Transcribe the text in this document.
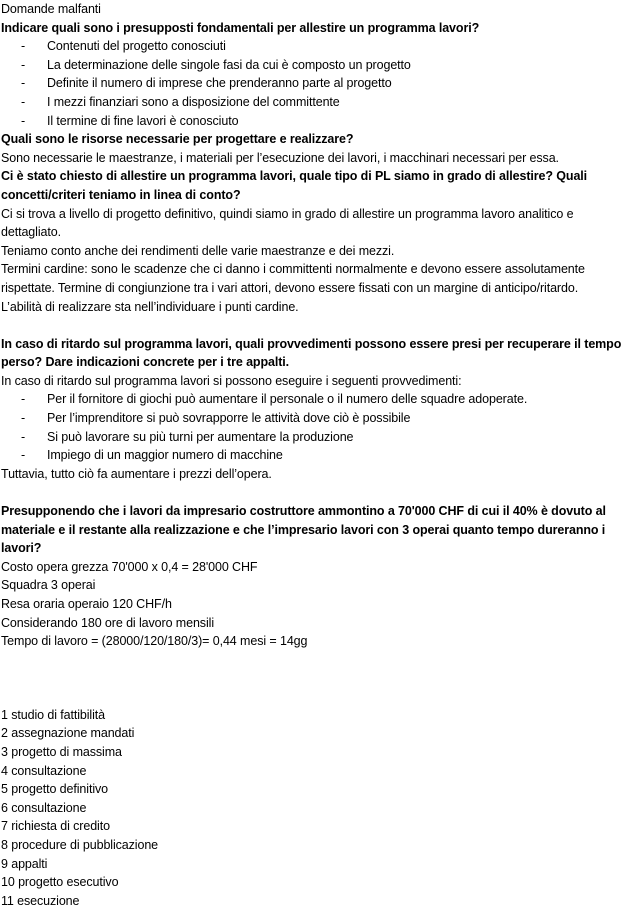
Domande malfanti

Indicare quali sono i presupposti fondamentali per allestire un programma lavori?

- Contenuti del progetto conosciuti

- La determinazione delle singole fasi da cui è composto un progetto

- Definite il numero di imprese che prenderanno parte al progetto

- I mezzi finanziari sono a disposizione del committente

- Il termine di fine lavori è conosciuto

Quali sono le risorse necessarie per progettare e realizzare?

Sono necessarie le maestranze, i materiali per l’esecuzione dei lavori, i macchinari necessari per essa.

Ci è stato chiesto di allestire un programma lavori, quale tipo di PL siamo in grado di allestire? Quali concetti/criteri teniamo in linea di conto?

Ci si trova a livello di progetto definitivo, quindi siamo in grado di allestire un programma lavoro analitico e dettagliato.

Teniamo conto anche dei rendimenti delle varie maestranze e dei mezzi.

Termini cardine: sono le scadenze che ci danno i committenti normalmente e devono essere assolutamente rispettate. Termine di congiunzione tra i vari attori, devono essere fissati con un margine di anticipo/ritardo.

L’abilità di realizzare sta nell’individuare i punti cardine.

In caso di ritardo sul programma lavori, quali provvedimenti possono essere presi per recuperare il tempo perso? Dare indicazioni concrete per i tre appalti.

In caso di ritardo sul programma lavori si possono eseguire i seguenti provvedimenti:

- Per il fornitore di giochi può aumentare il personale o il numero delle squadre adoperate.

- Per l’imprenditore si può sovrapporre le attività dove ciò è possibile

- Si può lavorare su più turni per aumentare la produzione

- Impiego di un maggior numero di macchine

Tuttavia, tutto ciò fa aumentare i prezzi dell’opera.

Presupponendo che i lavori da impresario costruttore ammontino a 70'000 CHF di cui il 40% è dovuto al materiale e il restante alla realizzazione e che l’impresario lavori con 3 operai quanto tempo dureranno i lavori?

Costo opera grezza 70'000 x 0,4 = 28'000 CHF

Squadra 3 operai

Resa oraria operaio 120 CHF/h

Considerando 180 ore di lavoro mensili

Tempo di lavoro = (28000/120/180/3)= 0,44 mesi = 14gg

1 studio di fattibilità

2 assegnazione mandati

3 progetto di massima

4 consultazione

5 progetto definitivo

6 consultazione

7 richiesta di credito

8 procedure di pubblicazione

9 appalti

10 progetto esecutivo

11 esecuzione
